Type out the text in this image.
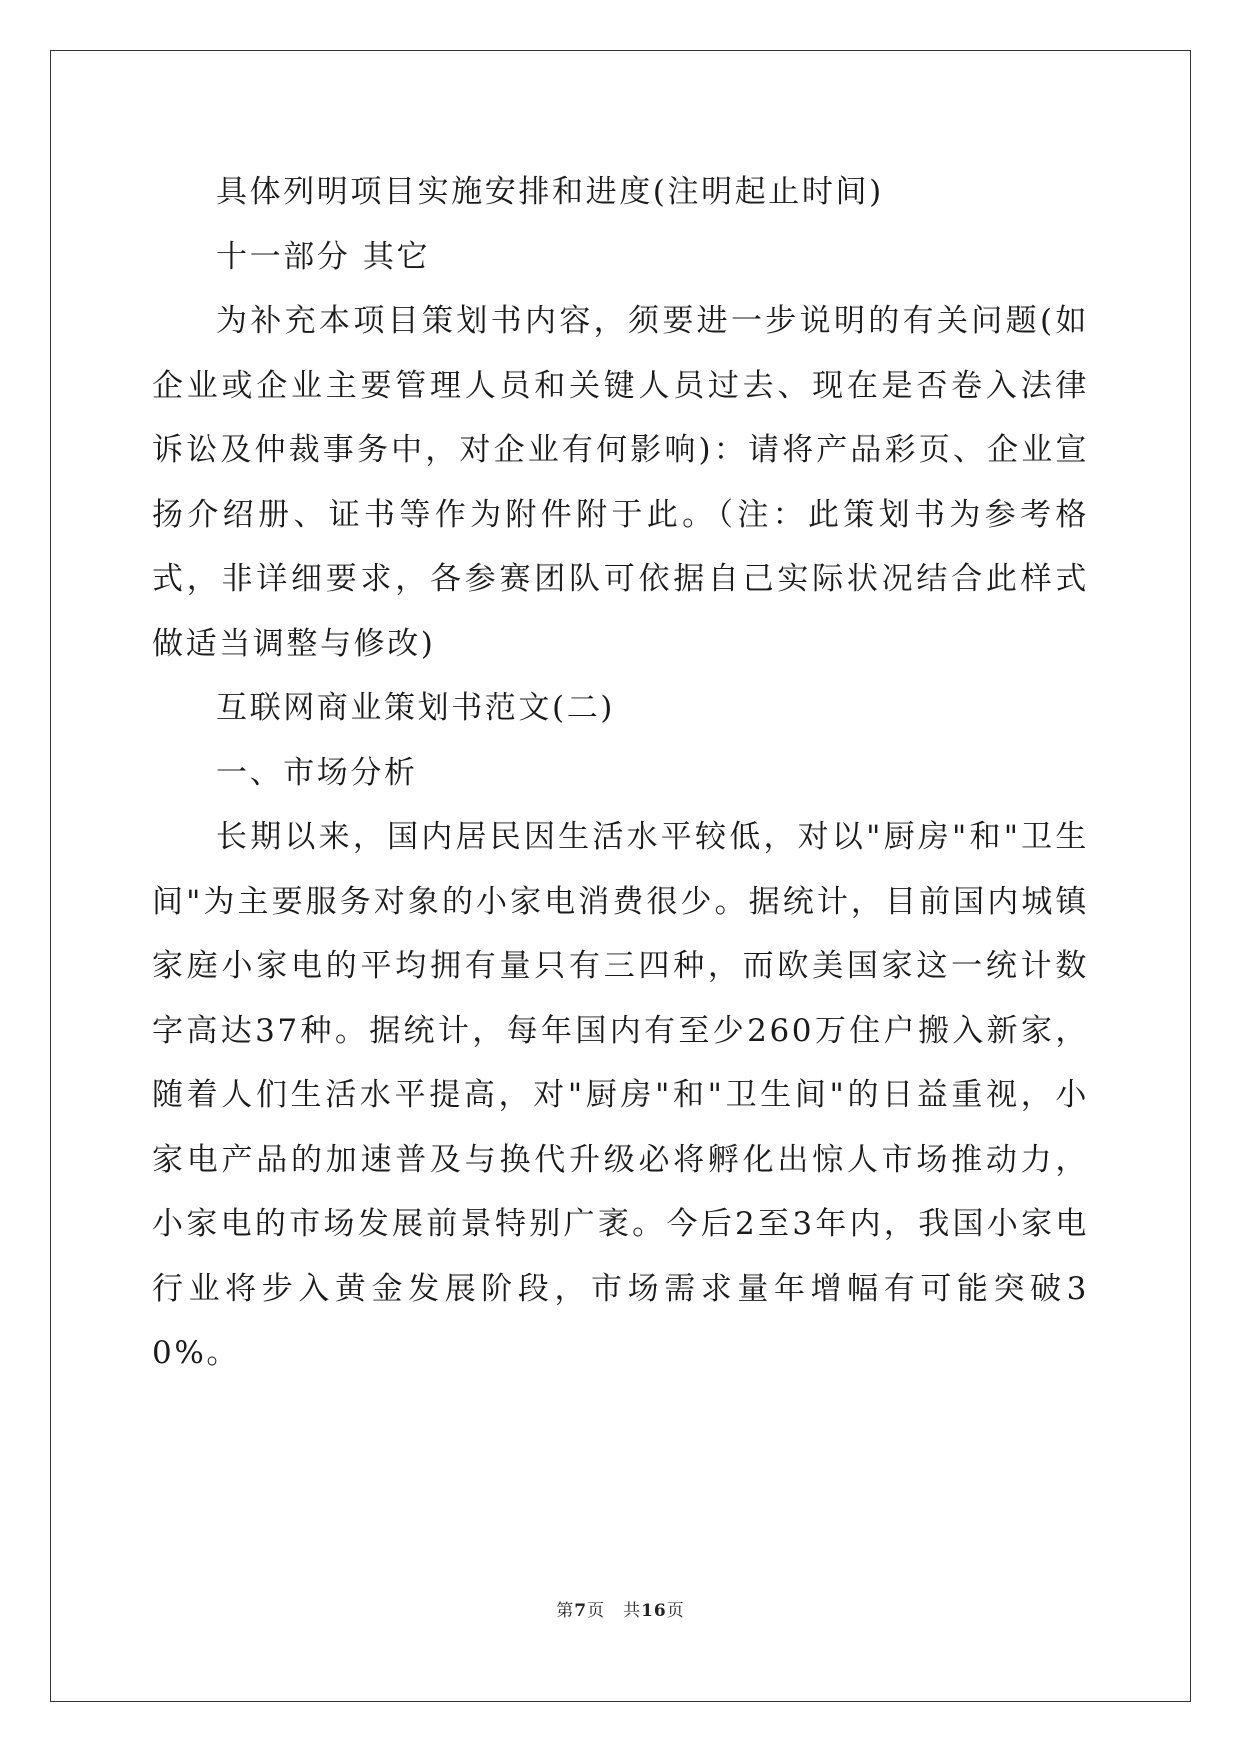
具体列明项目实施安排和进度(注明起止时间)

十一部分 其它

为补充本项目策划书内容，须要进一步说明的有关问题(如企业或企业主要管理人员和关键人员过去、现在是否卷入法律诉讼及仲裁事务中，对企业有何影响)：请将产品彩页、企业宣扬介绍册、证书等作为附件附于此。（注：此策划书为参考格式，非详细要求，各参赛团队可依据自己实际状况结合此样式做适当调整与修改)

互联网商业策划书范文(二)

一、市场分析

长期以来，国内居民因生活水平较低，对以"厨房"和"卫生间"为主要服务对象的小家电消费很少。据统计，目前国内城镇家庭小家电的平均拥有量只有三四种，而欧美国家这一统计数字高达37种。据统计，每年国内有至少260万住户搬入新家，随着人们生活水平提高，对"厨房"和"卫生间"的日益重视，小家电产品的加速普及与换代升级必将孵化出惊人市场推动力，小家电的市场发展前景特别广袤。今后2至3年内，我国小家电行业将步入黄金发展阶段，市场需求量年增幅有可能突破30%。

第7页 共16页
